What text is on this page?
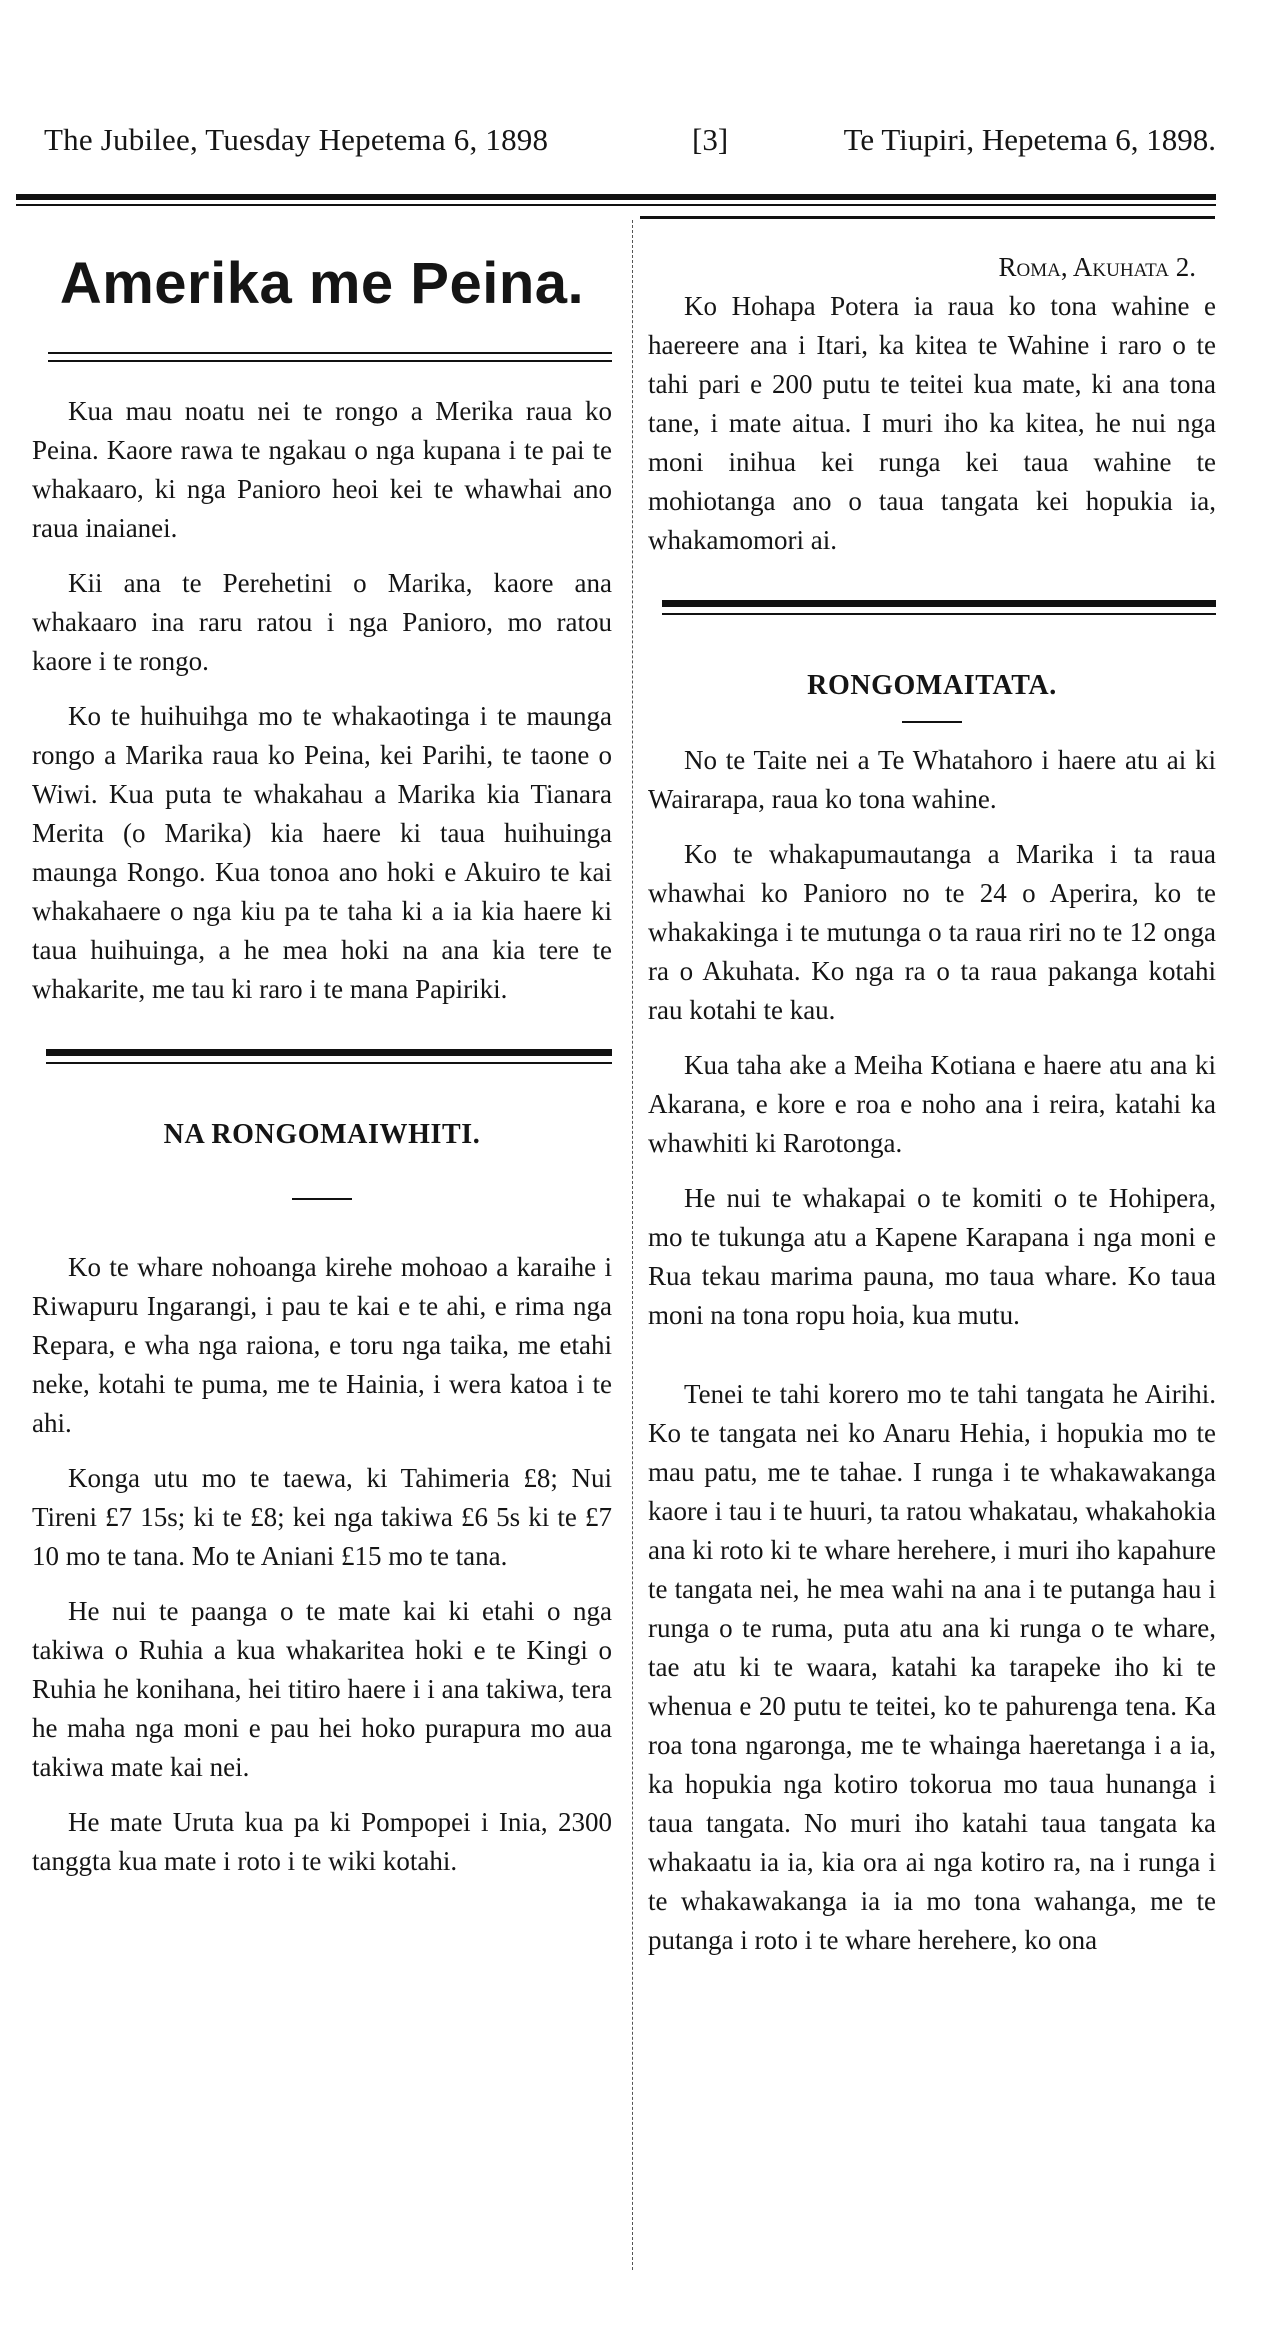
The Jubilee, Tuesday Hepetema 6, 1898	[3]	Te Tiupiri, Hepetema 6, 1898.
Amerika me Peina.

Kua mau noatu nei te rongo a Merika raua ko Peina. Kaore rawa te ngakau o nga kupana i te pai te whakaaro, ki nga Panioro heoi kei te whawhai ano raua inaianei.

Kii ana te Perehetini o Marika, kaore ana whakaaro ina raru ratou i nga Panioro, mo ratou kaore i te rongo.

Ko te huihuihga mo te whakaotinga i te maunga rongo a Marika raua ko Peina, kei Parihi, te taone o Wiwi. Kua puta te whakahau a Marika kia Tianara Merita (o Marika) kia haere ki taua huihuinga maunga Rongo. Kua tonoa ano hoki e Akuiro te kai whakahaere o nga kiu pa te taha ki a ia kia haere ki taua huihuinga, a he mea hoki na ana kia tere te whakarite, me tau ki raro i te mana Papiriki.

NA RONGOMAIWHITI.

Ko te whare nohoanga kirehe mohoao a karaihe i Riwapuru Ingarangi, i pau te kai e te ahi, e rima nga Repara, e wha nga raiona, e toru nga taika, me etahi neke, kotahi te puma, me te Hainia, i wera katoa i te ahi.

Konga utu mo te taewa, ki Tahimeria £8; Nui Tireni £7 15s; ki te £8; kei nga takiwa £6 5s ki te £7 10 mo te tana. Mo te Aniani £15 mo te tana.

He nui te paanga o te mate kai ki etahi o nga takiwa o Ruhia a kua whakaritea hoki e te Kingi o Ruhia he konihana, hei titiro haere i i ana takiwa, tera he maha nga moni e pau hei hoko purapura mo aua takiwa mate kai nei.

He mate Uruta kua pa ki Pompopei i Inia, 2300 tanggta kua mate i roto i te wiki kotahi.

Roma, Akuhata 2.

Ko Hohapa Potera ia raua ko tona wahine e haereere ana i Itari, ka kitea te Wahine i raro o te tahi pari e 200 putu te teitei kua mate, ki ana tona tane, i mate aitua. I muri iho ka kitea, he nui nga moni inihua kei runga kei taua wahine te mohiotanga ano o taua tangata kei hopukia ia, whakamomori ai.

RONGOMAITATA.

No te Taite nei a Te Whatahoro i haere atu ai ki Wairarapa, raua ko tona wahine.

Ko te whakapumautanga a Marika i ta raua whawhai ko Panioro no te 24 o Aperira, ko te whakakinga i te mutunga o ta raua riri no te 12 onga ra o Akuhata. Ko nga ra o ta raua pakanga kotahi rau kotahi te kau.

Kua taha ake a Meiha Kotiana e haere atu ana ki Akarana, e kore e roa e noho ana i reira, katahi ka whawhiti ki Rarotonga.

He nui te whakapai o te komiti o te Hohipera, mo te tukunga atu a Kapene Karapana i nga moni e Rua tekau marima pauna, mo taua whare. Ko taua moni na tona ropu hoia, kua mutu.

Tenei te tahi korero mo te tahi tangata he Airihi. Ko te tangata nei ko Anaru Hehia, i hopukia mo te mau patu, me te tahae. I runga i te whakawakanga kaore i tau i te huuri, ta ratou whakatau, whakahokia ana ki roto ki te whare herehere, i muri iho kapahure te tangata nei, he mea wahi na ana i te putanga hau i runga o te ruma, puta atu ana ki runga o te whare, tae atu ki te waara, katahi ka tarapeke iho ki te whenua e 20 putu te teitei, ko te pahurenga tena. Ka roa tona ngaronga, me te whainga haeretanga i a ia, ka hopukia nga kotiro tokorua mo taua hunanga i taua tangata. No muri iho katahi taua tangata ka whakaatu ia ia, kia ora ai nga kotiro ra, na i runga i te whakawakanga ia ia mo tona wahanga, me te putanga i roto i te whare herehere, ko ona
